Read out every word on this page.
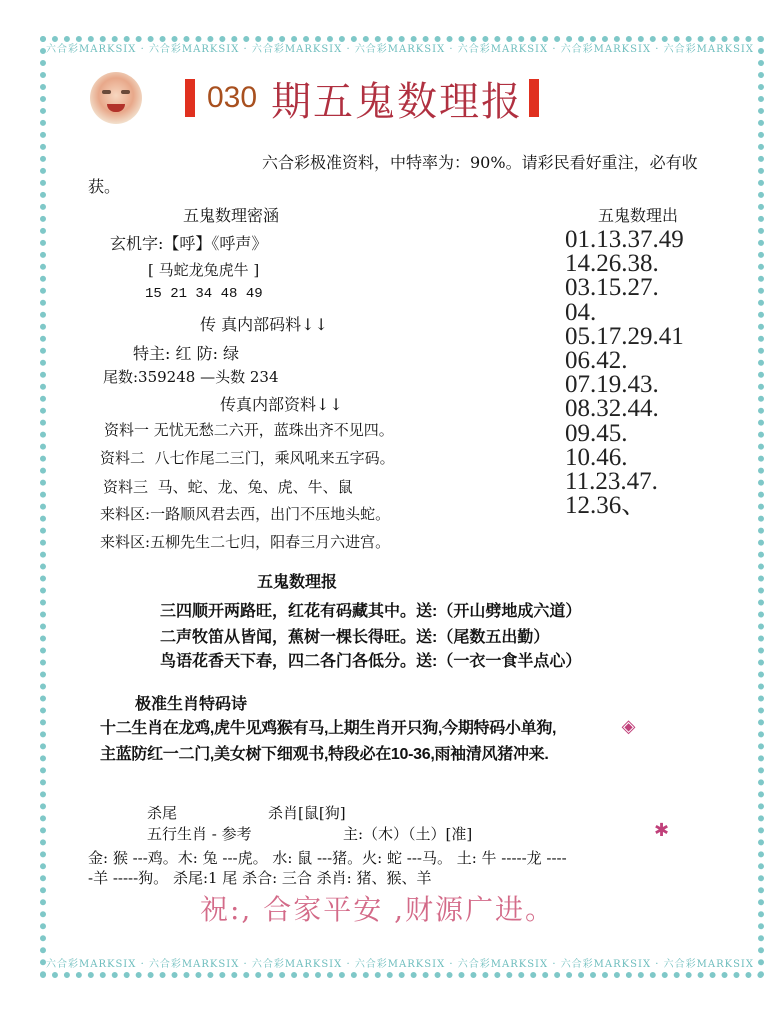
六合彩MARKSIX · 六合彩MARKSIX · 六合彩MARKSIX · 六合彩MARKSIX · 六合彩MARKSIX · 六合彩MARKSIX · 六合彩MARKSIX
六合彩MARKSIX · 六合彩MARKSIX · 六合彩MARKSIX · 六合彩MARKSIX · 六合彩MARKSIX · 六合彩MARKSIX · 六合彩MARKSIX
030 期五鬼数理报
六合彩极准资料，中特率为：90%。请彩民看好重注，必有收
获。
五鬼数理密涵	五鬼数理出
玄机字:【呼】《呼声》
[ 马蛇龙兔虎牛 ]
15 21 34 48 49
传 真内部码料↓↓
特主: 红 防: 绿
尾数:359248 —头数 234
传真内部资料↓↓
资料一 无忧无愁二六开，蓝珠出齐不见四。
资料二 八七作尾二三门，乘风吼来五字码。
资料三 马、蛇、龙、兔、虎、牛、鼠
来料区:一路顺风君去西，出门不压地头蛇。
来料区:五柳先生二七归，阳春三月六进宫。
01.13.37.49
14.26.38.
03.15.27.
04.
05.17.29.41
06.42.
07.19.43.
08.32.44.
09.45.
10.46.
11.23.47.
12.36、
五鬼数理报
三四顺开两路旺，红花有码藏其中。送:（开山劈地成六道）
二声牧笛从皆闻，蕉树一棵长得旺。送:（尾数五出勤）
鸟语花香天下春，四二各门各低分。送:（一衣一食半点心）
极准生肖特码诗
十二生肖在龙鸡,虎牛见鸡猴有马,上期生肖开只狗,今期特码小单狗,
主蓝防红一二门,美女树下细观书,特段必在10-36,雨袖清风猪冲来.
◈
✱
杀尾	杀肖[鼠[狗]
五行生肖 - 参考	主:（木）（土）[准]
金: 猴 ---鸡。木: 兔 ---虎。 水: 鼠 ---猪。火: 蛇 ---马。 土: 牛 -----龙 ----
-羊 -----狗。 杀尾:1 尾 杀合: 三合 杀肖: 猪、猴、羊
祝:, 合家平安 ,财源广进。
